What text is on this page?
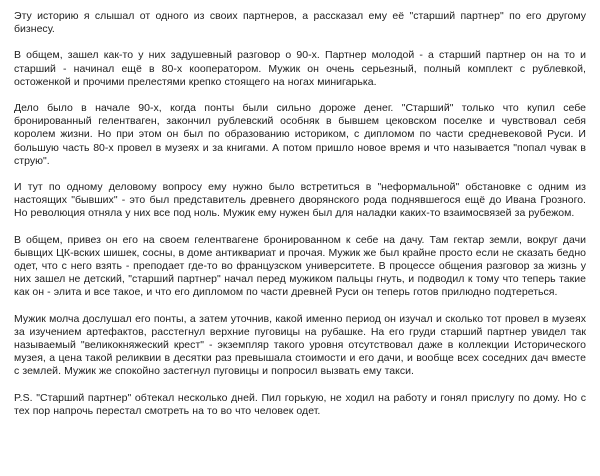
Эту историю я слышал от одного из своих партнеров, а рассказал ему её "старший партнер" по его другому бизнесу.

В общем, зашел как-то у них задушевный разговор о 90-х. Партнер молодой - а старший партнер он на то и старший - начинал ещё в 80-х кооператором. Мужик он очень серьезный, полный комплект с рублевкой, остоженкой и прочими прелестями крепко стоящего на ногах минигарька.

Дело было в начале 90-х, когда понты были сильно дороже денег. "Старший" только что купил себе бронированный гелентваген, закончил рублевский особняк в бывшем цековском поселке и чувствовал себя королем жизни. Но при этом он был по образованию историком, с дипломом по части средневековой Руси. И большую часть 80-х провел в музеях и за книгами. А потом пришло новое время и что называется "попал чувак в струю".

И тут по одному деловому вопросу ему нужно было встретиться в "неформальной" обстановке с одним из настоящих "бывших" - это был представитель древнего дворянского рода поднявшегося ещё до Ивана Грозного. Но революция отняла у них все под ноль. Мужик ему нужен был для наладки каких-то взаимосвязей за рубежом.

В общем, привез он его на своем гелентвагене бронированном к себе на дачу. Там гектар земли, вокруг дачи бывщих ЦК-вских шишек, сосны, в доме антиквариат и прочая. Мужик же был крайне просто если не сказать бедно одет, что с него взять - преподает где-то во французском университете. В процессе общения разговор за жизнь у них зашел не детский, "старший партнер" начал перед мужиком пальцы гнуть, и подводил к тому что теперь такие как он - элита и все такое, и что его дипломом по части древней Руси он теперь готов прилюдно подтереться.

Мужик молча дослушал его понты, а затем уточнив, какой именно период он изучал и сколько тот провел в музеях за изучением артефактов, расстегнул верхние пуговицы на рубашке. На его груди старший партнер увидел так называемый "великокняжеский крест" - экземпляр такого уровня отсутствовал даже в коллекции Исторического музея, а цена такой реликвии в десятки раз превышала стоимости и его дачи, и вообще всех соседних дач вместе с землей. Мужик же спокойно застегнул пуговицы и попросил вызвать ему такси.

P.S. "Старший партнер" обтекал несколько дней. Пил горькую, не ходил на работу и гонял прислугу по дому. Но с тех пор напрочь перестал смотреть на то во что человек одет.
